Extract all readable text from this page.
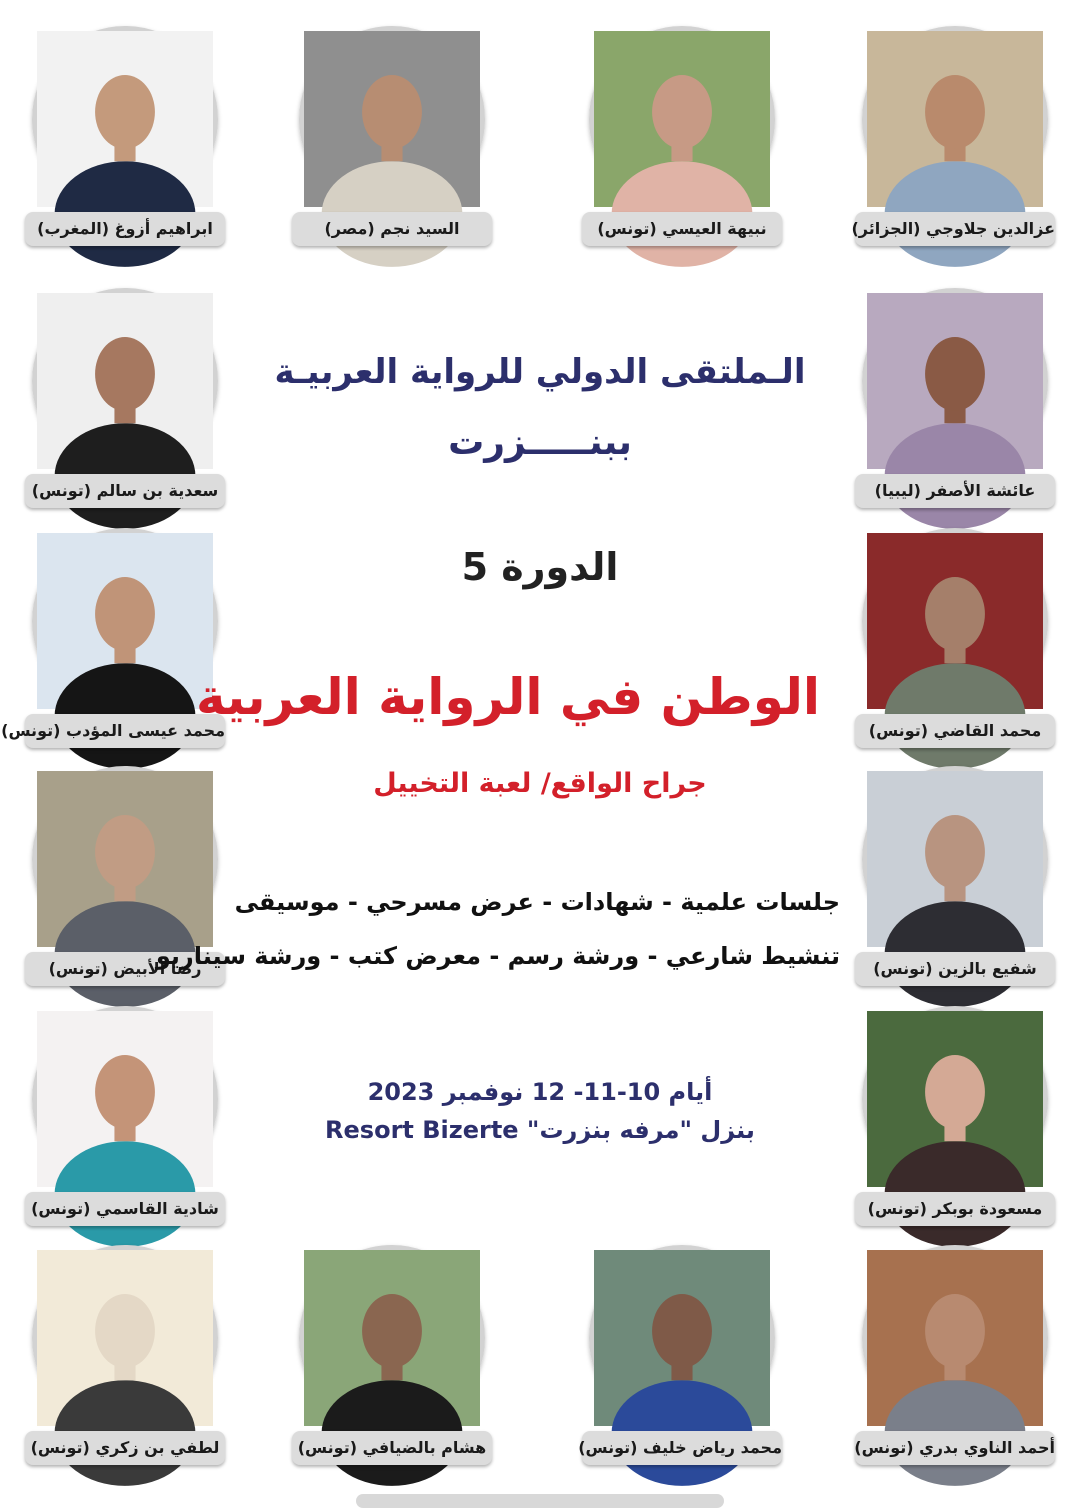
عزالدين جلاوجي (الجزائر)
نبيهة العيسي (تونس)
السيد نجم (مصر)
ابراهيم أزوغ (المغرب)
عائشة الأصفر (ليبيا)
سعدية بن سالم (تونس)
محمد القاضي (تونس)
محمد عيسى المؤدب (تونس)
شفيع بالزين (تونس)
رضا الأبيض (تونس)
مسعودة بوبكر (تونس)
شادية القاسمي (تونس)
أحمد الناوي بدري (تونس)
محمد رياض خليف (تونس)
هشام بالضيافي (تونس)
لطفي بن زكري (تونس)
الـملتقى الدولي للرواية العربيـة
ببنـــــزرت
الدورة 5
الوطن في الرواية العربية
جراح الواقع/ لعبة التخييل
جلسات علمية - شهادات - عرض مسرحي - موسيقى
تنشيط شارعي - ورشة رسم - معرض كتب - ورشة سيناريو
أيام 10-11- 12 نوفمبر 2023
بنزل "مرفه بنزرت" Resort Bizerte
